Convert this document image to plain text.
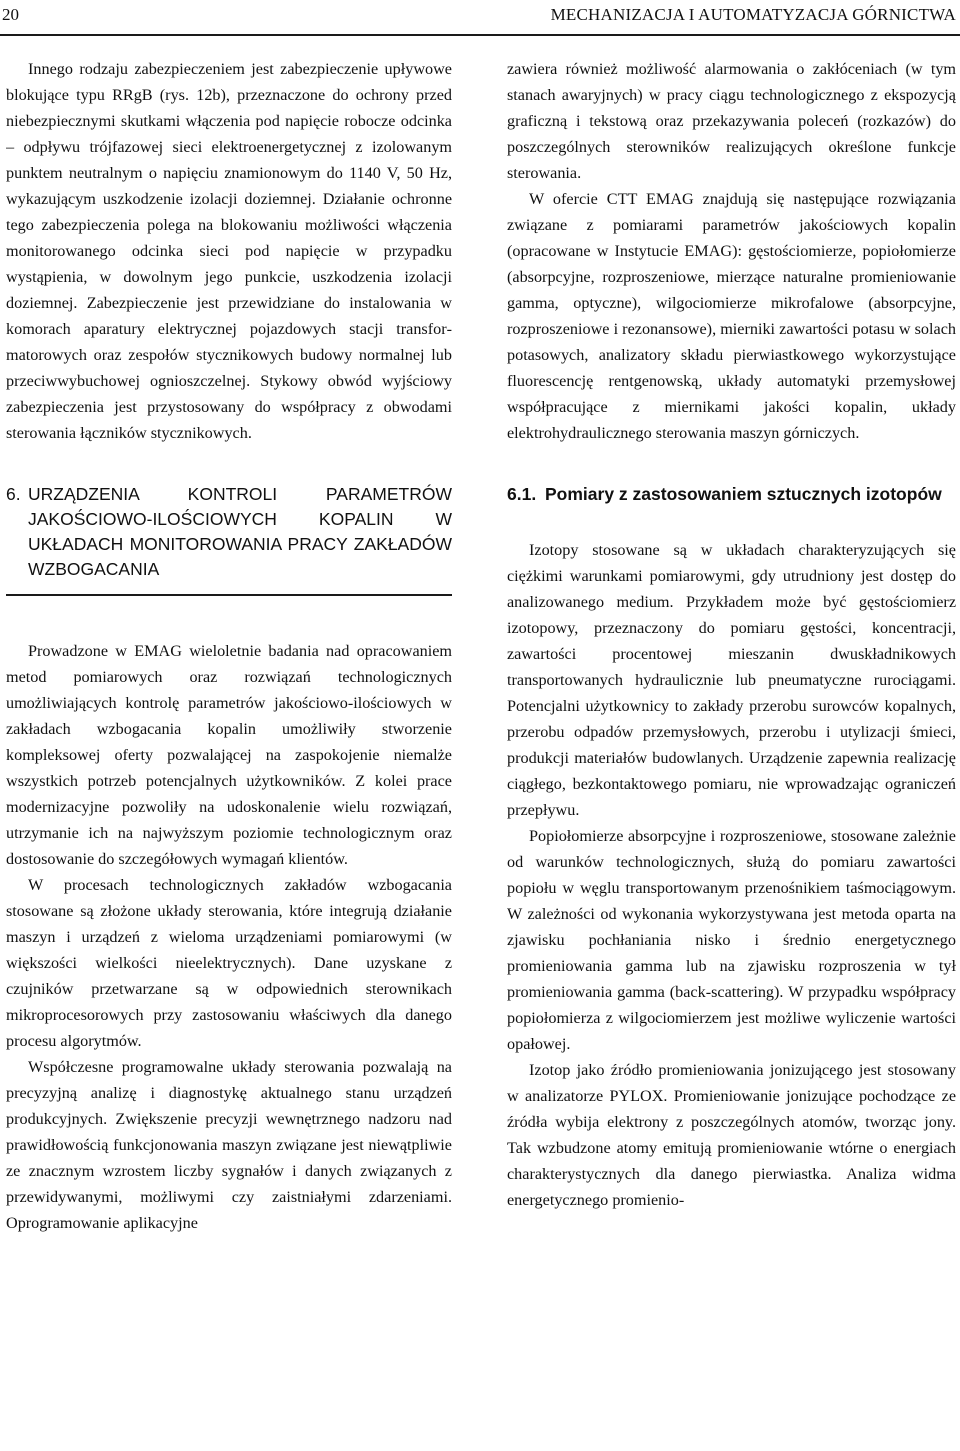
20	MECHANIZACJA I AUTOMATYZACJA GÓRNICTWA

Innego rodzaju zabezpieczeniem jest zabezpieczenie upływowe blokujące typu RRgB (rys. 12b), przeznaczone do ochrony przed niebezpiecznymi skutkami włączenia pod napięcie robocze odcinka – odpływu trójfazowej sieci elektroenergetycznej z izolowanym punktem neutralnym o napięciu znamionowym do 1140 V, 50 Hz, wykazującym uszkodzenie izolacji doziemnej. Działanie ochronne tego zabezpieczenia polega na blokowaniu możliwości włączenia monitorowanego odcinka sieci pod napięcie w przypadku wystąpienia, w dowolnym jego punkcie, uszkodzenia izolacji doziemnej. Zabezpieczenie jest przewidziane do instalowania w komorach aparatury elektrycznej pojazdowych stacji transformatorowych oraz zespołów stycznikowych budowy normalnej lub przeciwwybuchowej ognioszczelnej. Stykowy obwód wyjściowy zabezpieczenia jest przystosowany do współpracy z obwodami sterowania łączników stycznikowych.

6. URZĄDZENIA KONTROLI PARAMETRÓW JAKOŚCIOWO-ILOŚCIOWYCH KOPALIN W UKŁADACH MONITOROWANIA PRACY ZAKŁADÓW WZBOGACANIA

Prowadzone w EMAG wieloletnie badania nad opracowaniem metod pomiarowych oraz rozwiązań technologicznych umożliwiających kontrolę parametrów jakościowo-ilościowych w zakładach wzbogacania kopalin umożliwiły stworzenie kompleksowej oferty pozwalającej na zaspokojenie niemalże wszystkich potrzeb potencjalnych użytkowników. Z kolei prace modernizacyjne pozwoliły na udoskonalenie wielu rozwiązań, utrzymanie ich na najwyższym poziomie technologicznym oraz dostosowanie do szczegółowych wymagań klientów.

W procesach technologicznych zakładów wzbogacania stosowane są złożone układy sterowania, które integrują działanie maszyn i urządzeń z wieloma urządzeniami pomiarowymi (w większości wielkości nieelektrycznych). Dane uzyskane z czujników przetwarzane są w odpowiednich sterownikach mikroprocesorowych przy zastosowaniu właściwych dla danego procesu algorytmów.

Współczesne programowalne układy sterowania pozwalają na precyzyjną analizę i diagnostykę aktualnego stanu urządzeń produkcyjnych. Zwiększenie precyzji wewnętrznego nadzoru nad prawidłowością funkcjonowania maszyn związane jest niewątpliwie ze znacznym wzrostem liczby sygnałów i danych związanych z przewidywanymi, możliwymi czy zaistniałymi zdarzeniami. Oprogramowanie aplikacyjne

zawiera również możliwość alarmowania o zakłóceniach (w tym stanach awaryjnych) w pracy ciągu technologicznego z ekspozycją graficzną i tekstową oraz przekazywania poleceń (rozkazów) do poszczególnych sterowników realizujących określone funkcje sterowania.

W ofercie CTT EMAG znajdują się następujące rozwiązania związane z pomiarami parametrów jakościowych kopalin (opracowane w Instytucie EMAG): gęstościomierze, popiołomierze (absorpcyjne, rozproszeniowe, mierzące naturalne promieniowanie gamma, optyczne), wilgociomierze mikrofalowe (absorpcyjne, rozproszeniowe i rezonansowe), mierniki zawartości potasu w solach potasowych, analizatory składu pierwiastkowego wykorzystujące fluorescencję rentgenowską, układy automatyki przemysłowej współpracujące z miernikami jakości kopalin, układy elektrohydraulicznego sterowania maszyn górniczych.

6.1. Pomiary z zastosowaniem sztucznych izotopów

Izotopy stosowane są w układach charakteryzujących się ciężkimi warunkami pomiarowymi, gdy utrudniony jest dostęp do analizowanego medium. Przykładem może być gęstościomierz izotopowy, przeznaczony do pomiaru gęstości, koncentracji, zawartości procentowej mieszanin dwuskładnikowych transportowanych hydraulicznie lub pneumatyczne rurociągami. Potencjalni użytkownicy to zakłady przerobu surowców kopalnych, przerobu odpadów przemysłowych, przerobu i utylizacji śmieci, produkcji materiałów budowlanych. Urządzenie zapewnia realizację ciągłego, bezkontaktowego pomiaru, nie wprowadzając ograniczeń przepływu.

Popiołomierze absorpcyjne i rozproszeniowe, stosowane zależnie od warunków technologicznych, służą do pomiaru zawartości popiołu w węglu transportowanym przenośnikiem taśmociągowym. W zależności od wykonania wykorzystywana jest metoda oparta na zjawisku pochłaniania nisko i średnio energetycznego promieniowania gamma lub na zjawisku rozproszenia w tył promieniowania gamma (back-scattering). W przypadku współpracy popiołomierza z wilgociomierzem jest możliwe wyliczenie wartości opałowej.

Izotop jako źródło promieniowania jonizującego jest stosowany w analizatorze PYLOX. Promieniowanie jonizujące pochodzące ze źródła wybija elektrony z poszczególnych atomów, tworząc jony. Tak wzbudzone atomy emitują promieniowanie wtórne o energiach charakterystycznych dla danego pierwiastka. Analiza widma energetycznego promienio-
